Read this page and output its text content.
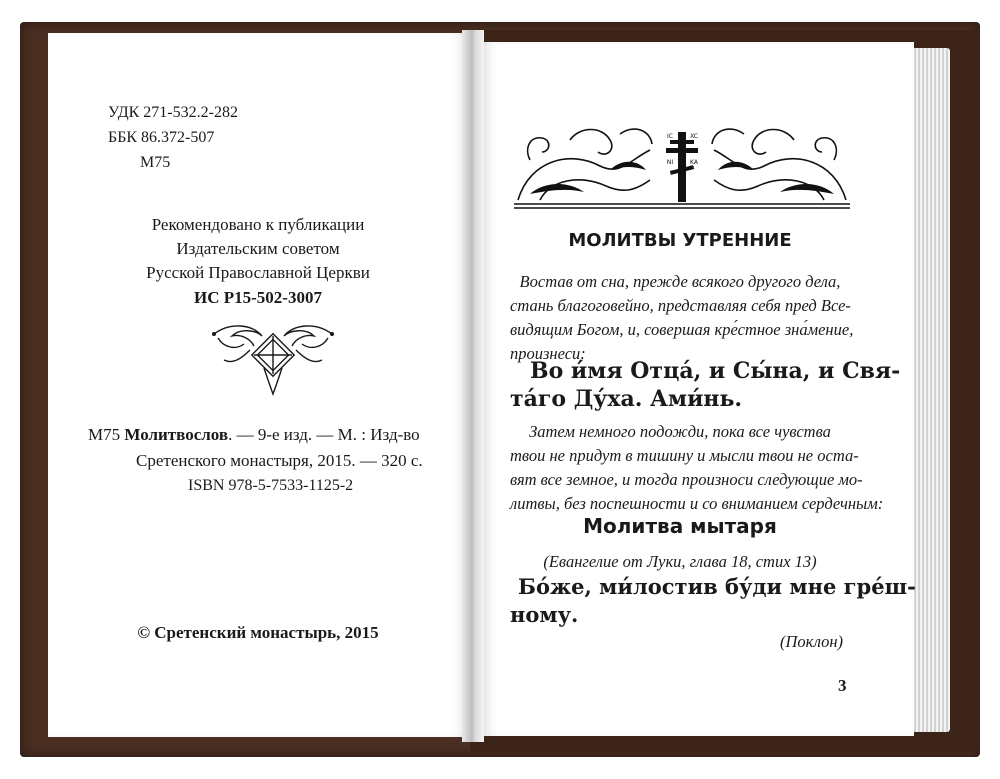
УДК 271-532.2-282
ББК 86.372-507
М75
Рекомендовано к публикации
Издательским советом
Русской Православной Церкви
ИС Р15-502-3007
М75 Молитвослов. — 9-е изд. — М. : Изд-во
Сретенского монастыря, 2015. — 320 с.
ISBN 978-5-7533-1125-2
© Сретенский монастырь, 2015
IC	XC
NI	KA
МОЛИТВЫ УТРЕННИЕ
Востав от сна, прежде всякого другого дела,
стань благоговейно, представляя себя пред Все-
видящим Богом, и, совершая кре́стное зна́мение,
произнеси:
Во и́мя Отца́, и Сы́на, и Свя-
та́го Ду́ха. Ами́нь.
Затем немного подожди, пока все чувства
твои не придут в тишину и мысли твои не оста-
вят все земное, и тогда произноси следующие мо-
литвы, без поспешности и со вниманием сердечным:
Молитва мытаря
(Евангелие от Луки, глава 18, стих 13)
Бо́же, ми́лостив бу́ди мне гре́ш-
ному.
(Поклон)
3
